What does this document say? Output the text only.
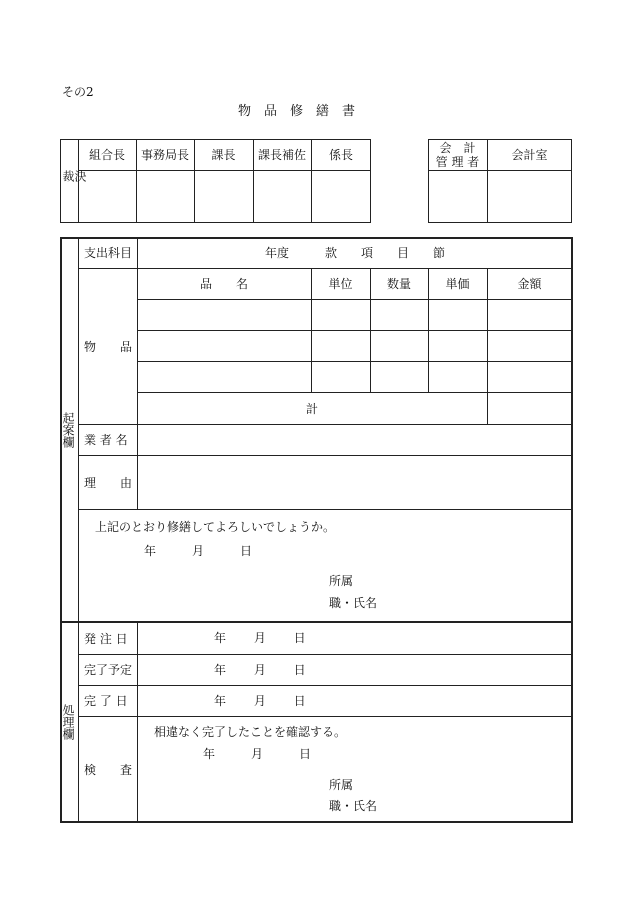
その2
物　品　修　繕　書
決裁
組合長	事務局長	課長	課長補佐	係長
会　計
管 理 者	会計室
起案欄
支出科目	年度　　　款　　項　　目　　節
物　　品
品　　名	単位	数量	単価	金額
計
業 者 名
理　　由
上記のとおり修繕してよろしいでしょうか。
年　　　月　　　日
所属
職・氏名
処理欄
発 注 日	年　　 月　　 日
完了予定	年　　 月　　 日
完 了 日	年　　 月　　 日
検　　査
相違なく完了したことを確認する。
年　　　月　　　日
所属
職・氏名
